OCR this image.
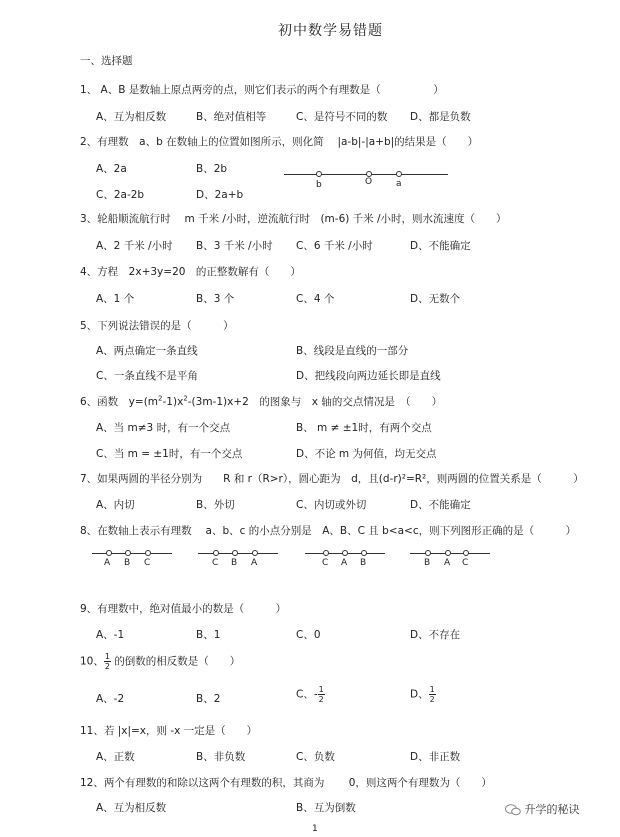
初中数学易错题
一、选择题
1、 A、B 是数轴上原点两旁的点，则它们表示的两个有理数是（　　　　　）
A、互为相反数	B、绝对值相等	C、是符号不同的数 D、都是负数
2、有理数　a、b 在数轴上的位置如图所示，则化简　 |a-b|-|a+b|的结果是（　　）
A、2a	B、2b
C、2a-2b	D、2a+b
b	O	a
3、轮船顺流航行时　 m 千米 /小时，逆流航行时　(m-6) 千米 /小时，则水流速度（　　）
A、2 千米 /小时 B、3 千米 /小时 C、6 千米 /小时	D、不能确定
4、方程　2x+3y=20　的正整数解有（　　）
A、1 个	B、3 个	C、4 个	D、无数个
5、下列说法错误的是（　　　）
A、两点确定一条直线	B、线段是直线的一部分
C、一条直线不是平角	D、把线段向两边延长即是直线
6、函数　$y=(m^2-1)x^2-(3m-1)x+2$　的图象与　x 轴的交点情况是　（　　）
A、当 m≠3 时，有一个交点	B、 m ≠ ±1时，有两个交点
C、当 m = ±1时，有一个交点	D、不论 m 为何值，均无交点
7、如果两圆的半径分别为　　R 和 r（R>r），圆心距为　d，且(d-r)²=R²，则两圆的位置关系是（　　　）
A、内切	B、外切	C、内切或外切	D、不能确定
8、在数轴上表示有理数　 a、b、c 的小点分别是　A、B、C 且 b<a<c，则下列图形正确的是（　　　）
A B C	C B A	C A B	B A C
9、有理数中，绝对值最小的数是（　　　）
A、-1	B、1	C、0	D、不存在
10、 $\frac{1}{2}$ 的倒数的相反数是（　　）
A、-2	B、2	C、- $\frac{1}{2}$	D、 $\frac{1}{2}$
11、若 |x|=x，则 -x 一定是（　　）
A、正数	B、非负数	C、负数	D、非正数
12、两个有理数的和除以这两个有理数的积，其商为　　 0，则这两个有理数为（　　）
A、互为相反数	B、互为倒数	升学的秘诀
1
